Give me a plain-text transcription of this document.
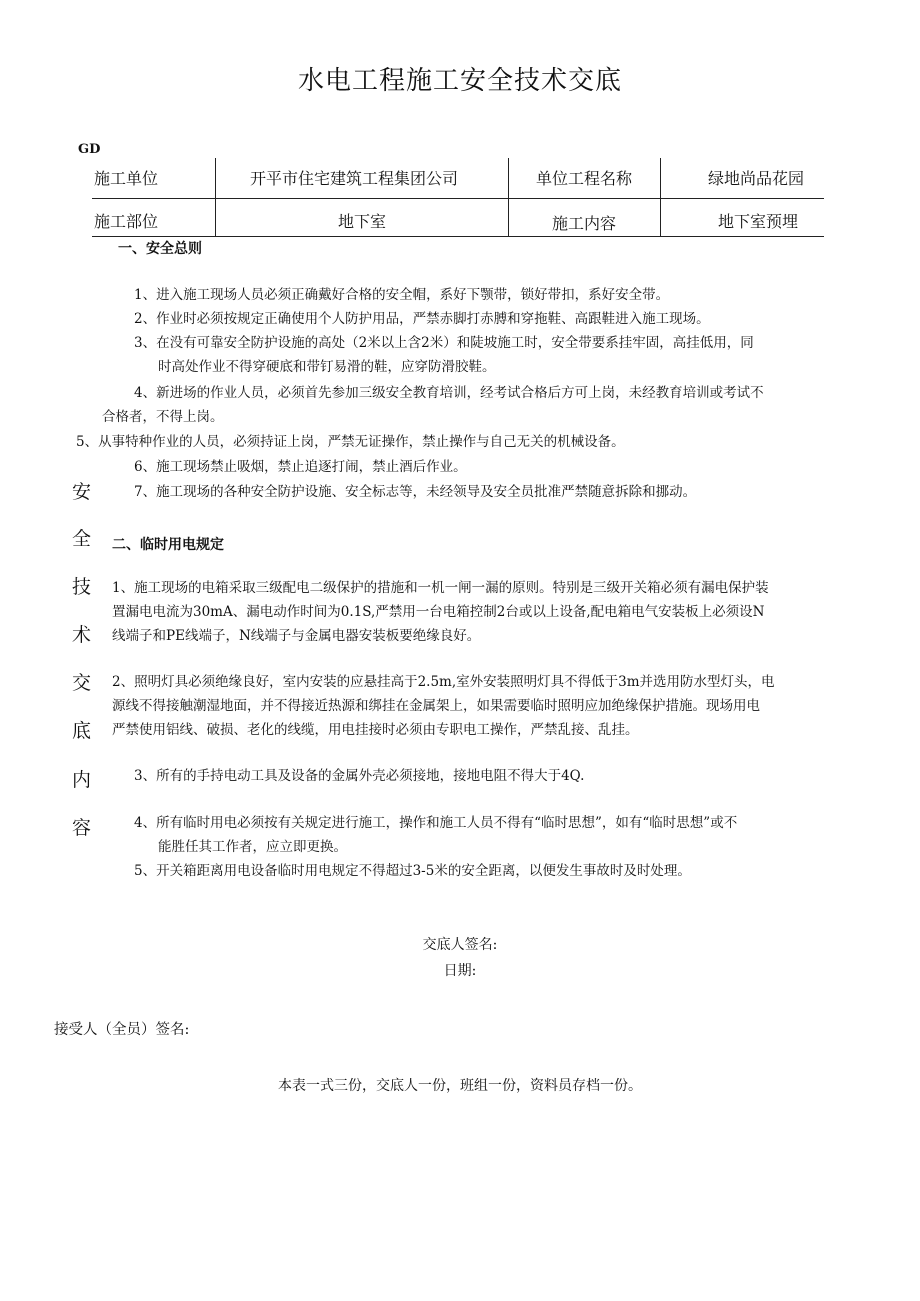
水电工程施工安全技术交底
GD
施工单位	开平市住宅建筑工程集团公司	单位工程名称	绿地尚品花园
施工部位	地下室	施工内容	地下室预埋
安
全
技
术
交
底
内
容
一、安全总则
1、进入施工现场人员必须正确戴好合格的安全帽，系好下颚带，锁好带扣，系好安全带。
2、作业时必须按规定正确使用个人防护用品，严禁赤脚打赤膊和穿拖鞋、高跟鞋进入施工现场。
3、在没有可靠安全防护设施的高处（2米以上含2米）和陡坡施工时，安全带要系挂牢固，高挂低用，同
时高处作业不得穿硬底和带钉易滑的鞋，应穿防滑胶鞋。
4、新进场的作业人员，必须首先参加三级安全教育培训，经考试合格后方可上岗，未经教育培训或考试不
合格者，不得上岗。
5、从事特种作业的人员，必须持证上岗，严禁无证操作，禁止操作与自己无关的机械设备。
6、施工现场禁止吸烟，禁止追逐打闹，禁止酒后作业。
7、施工现场的各种安全防护设施、安全标志等，未经领导及安全员批准严禁随意拆除和挪动。
二、临时用电规定
1、施工现场的电箱采取三级配电二级保护的措施和一机一闸一漏的原则。特别是三级开关箱必须有漏电保护装
置漏电电流为30mA、漏电动作时间为0.1S,严禁用一台电箱控制2台或以上设备,配电箱电气安装板上必须设N
线端子和PE线端子，N线端子与金属电器安装板要绝缘良好。
2、照明灯具必须绝缘良好，室内安装的应悬挂高于2.5m,室外安装照明灯具不得低于3m并选用防水型灯头，电
源线不得接触潮湿地面，并不得接近热源和绑挂在金属架上，如果需要临时照明应加绝缘保护措施。现场用电
严禁使用铝线、破损、老化的线缆，用电挂接时必须由专职电工操作，严禁乱接、乱挂。
3、所有的手持电动工具及设备的金属外壳必须接地，接地电阻不得大于4Q.
4、所有临时用电必须按有关规定进行施工，操作和施工人员不得有“临时思想”，如有“临时思想”或不
能胜任其工作者，应立即更换。
5、开关箱距离用电设备临时用电规定不得超过3-5米的安全距离，以便发生事故时及时处理。
交底人签名:
日期:
接受人（全员）签名:
本表一式三份，交底人一份，班组一份，资料员存档一份。
